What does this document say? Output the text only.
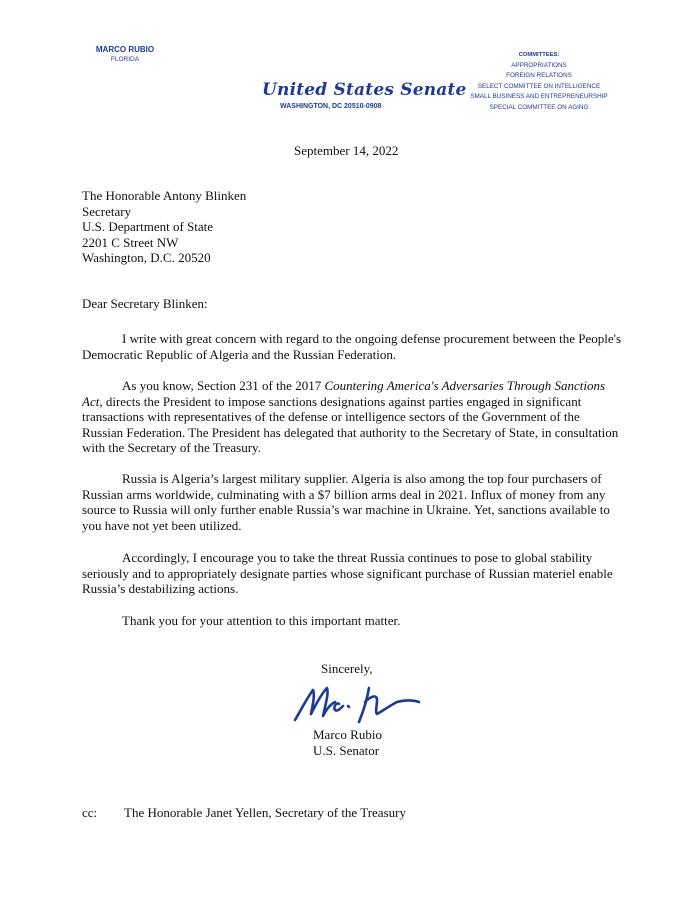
MARCO RUBIO
FLORIDA
United States Senate
WASHINGTON, DC 20510-0908
COMMITTEES:
APPROPRIATIONS
FOREIGN RELATIONS
SELECT COMMITTEE ON INTELLIGENCE
SMALL BUSINESS AND ENTREPRENEURSHIP
SPECIAL COMMITTEE ON AGING
September 14, 2022
The Honorable Antony Blinken
Secretary
U.S. Department of State
2201 C Street NW
Washington, D.C. 20520
Dear Secretary Blinken:
I write with great concern with regard to the ongoing defense procurement between the People's Democratic Republic of Algeria and the Russian Federation.
As you know, Section 231 of the 2017 Countering America's Adversaries Through Sanctions Act, directs the President to impose sanctions designations against parties engaged in significant transactions with representatives of the defense or intelligence sectors of the Government of the Russian Federation. The President has delegated that authority to the Secretary of State, in consultation with the Secretary of the Treasury.
Russia is Algeria’s largest military supplier. Algeria is also among the top four purchasers of Russian arms worldwide, culminating with a $7 billion arms deal in 2021. Influx of money from any source to Russia will only further enable Russia’s war machine in Ukraine. Yet, sanctions available to you have not yet been utilized.
Accordingly, I encourage you to take the threat Russia continues to pose to global stability seriously and to appropriately designate parties whose significant purchase of Russian materiel enable Russia’s destabilizing actions.
Thank you for your attention to this important matter.
Sincerely,
Marco Rubio
U.S. Senator
cc: The Honorable Janet Yellen, Secretary of the Treasury
